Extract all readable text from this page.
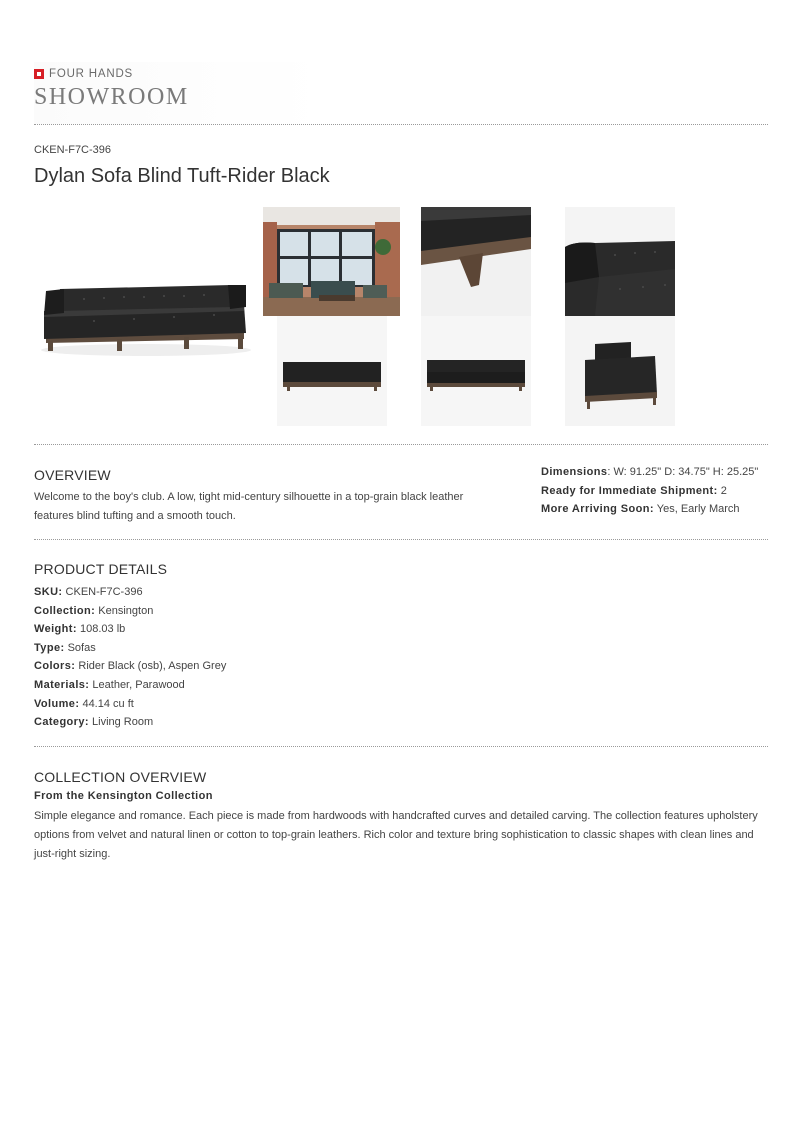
FOUR HANDS
SHOWROOM
CKEN-F7C-396
Dylan Sofa Blind Tuft-Rider Black
OVERVIEW
Welcome to the boy's club. A low, tight mid-century silhouette in a top-grain black leather features blind tufting and a smooth touch.
Dimensions: W: 91.25" D: 34.75" H: 25.25"
Ready for Immediate Shipment: 2
More Arriving Soon: Yes, Early March
PRODUCT DETAILS
SKU: CKEN-F7C-396
Collection: Kensington
Weight: 108.03 lb
Type: Sofas
Colors: Rider Black (osb), Aspen Grey
Materials: Leather, Parawood
Volume: 44.14 cu ft
Category: Living Room
COLLECTION OVERVIEW
From the Kensington Collection
Simple elegance and romance. Each piece is made from hardwoods with handcrafted curves and detailed carving. The collection features upholstery options from velvet and natural linen or cotton to top-grain leathers. Rich color and texture bring sophistication to classic shapes with clean lines and just-right sizing.
